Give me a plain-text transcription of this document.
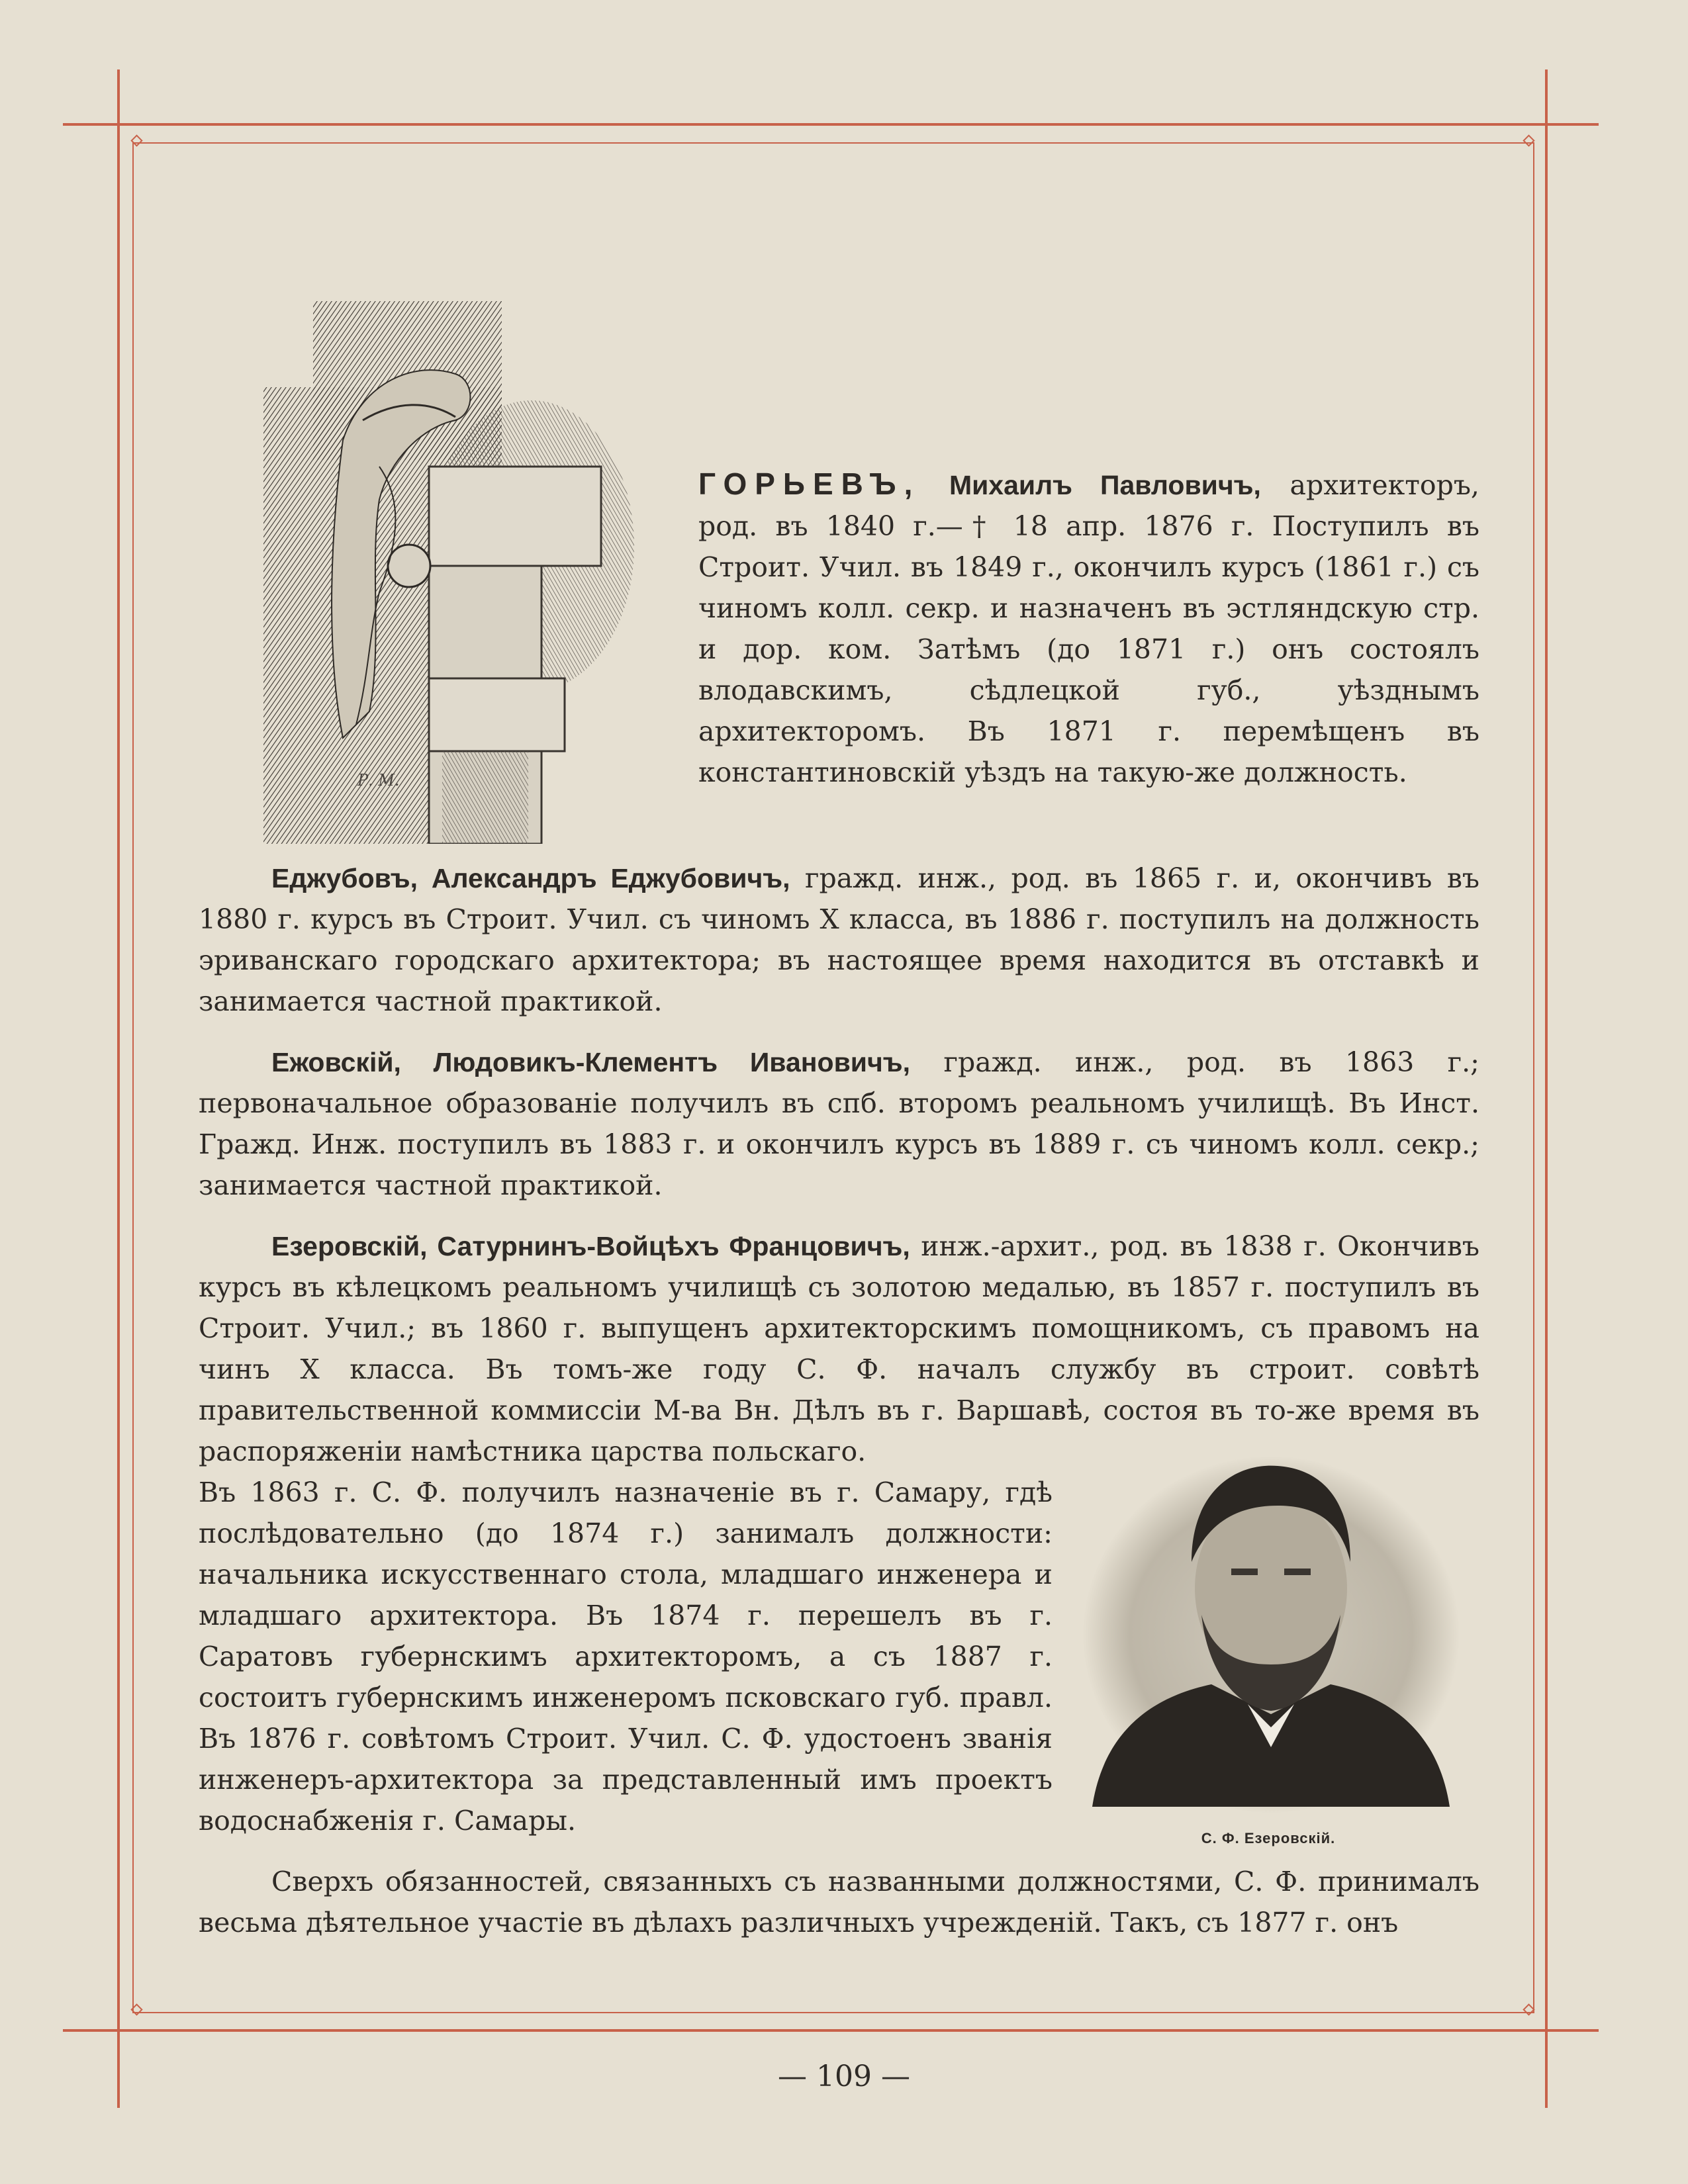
Р. М.
ГОРЬЕВЪ, Михаилъ Павловичъ, архитекторъ, род. въ 1840 г.—† 18 апр. 1876 г. Поступилъ въ Строит. Учил. въ 1849 г., окончилъ курсъ (1861 г.) съ чиномъ колл. секр. и назначенъ въ эстляндскую стр. и дор. ком. Затѣмъ (до 1871 г.) онъ состоялъ влодавскимъ, сѣдлецкой губ., уѣзднымъ архитекторомъ. Въ 1871 г. перемѣщенъ въ константиновскій уѣздъ на такую-же должность.
Еджубовъ, Александръ Еджубовичъ, гражд. инж., род. въ 1865 г. и, окончивъ въ 1880 г. курсъ въ Строит. Учил. съ чиномъ X класса, въ 1886 г. поступилъ на должность эриванскаго городскаго архитектора; въ настоящее время находится въ отставкѣ и занимается частной практикой.
Ежовскій, Людовикъ-Клементъ Ивановичъ, гражд. инж., род. въ 1863 г.; первоначальное образованіе получилъ въ спб. второмъ реальномъ училищѣ. Въ Инст. Гражд. Инж. поступилъ въ 1883 г. и окончилъ курсъ въ 1889 г. съ чиномъ колл. секр.; занимается частной практикой.
Езеровскій, Сатурнинъ-Войцѣхъ Францовичъ, инж.-архит., род. въ 1838 г. Окончивъ курсъ въ кѣлецкомъ реальномъ училищѣ съ золотою медалью, въ 1857 г. поступилъ въ Строит. Учил.; въ 1860 г. выпущенъ архитекторскимъ помощникомъ, съ правомъ на чинъ X класса. Въ томъ-же году С. Ф. началъ службу въ строит. совѣтѣ правительственной коммиссіи М-ва Вн. Дѣлъ въ г. Варшавѣ, состоя въ то-же время въ распоряженіи намѣстника царства польскаго.
Въ 1863 г. С. Ф. получилъ назначеніе въ г. Самару, гдѣ послѣдовательно (до 1874 г.) занималъ должности: начальника искусственнаго стола, младшаго инженера и младшаго архитектора. Въ 1874 г. перешелъ въ г. Саратовъ губернскимъ архитекторомъ, а съ 1887 г. состоитъ губернскимъ инженеромъ псковскаго губ. правл. Въ 1876 г. совѣтомъ Строит. Учил. С. Ф. удостоенъ званія инженеръ-архитектора за представленный имъ проектъ водоснабженія г. Самары.
С. Ф. Езеровскій.
Сверхъ обязанностей, связанныхъ съ названными должностями, С. Ф. принималъ весьма дѣятельное участіе въ дѣлахъ различныхъ учрежденій. Такъ, съ 1877 г. онъ
— 109 —
